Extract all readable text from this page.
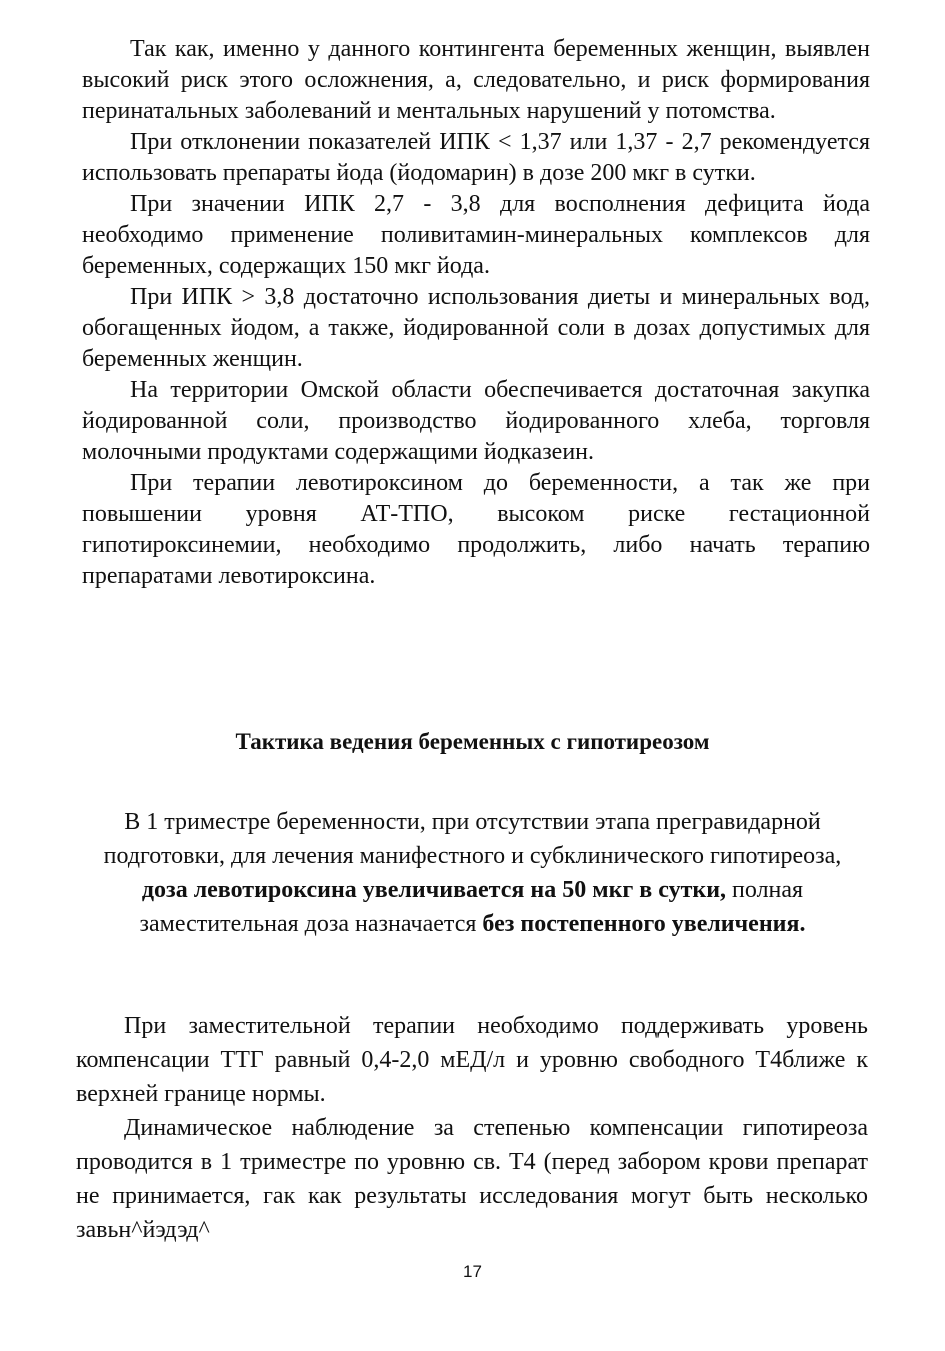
Так как, именно у данного контингента беременных женщин, выявлен высокий риск этого осложнения, а, следовательно, и риск формирования перинатальных заболеваний и ментальных нарушений у потомства.

При отклонении показателей ИПК < 1,37 или 1,37 - 2,7 рекомендуется использовать препараты йода (йодомарин) в дозе 200 мкг в сутки.

При значении ИПК 2,7 - 3,8 для восполнения дефицита йода необходимо применение поливитамин-минеральных комплексов для беременных, содержащих 150 мкг йода.

При ИПК > 3,8 достаточно использования диеты и минеральных вод, обогащенных йодом, а также, йодированной соли в дозах допустимых для беременных женщин.

На территории Омской области обеспечивается достаточная закупка йодированной соли, производство йодированного хлеба, торговля молочными продуктами содержащими йодказеин.

При терапии левотироксином до беременности, а так же при повышении уровня АТ-ТПО, высоком риске гестационной гипотироксинемии, необходимо продолжить, либо начать терапию препаратами левотироксина.

Тактика ведения беременных с гипотиреозом
В 1 триместре беременности, при отсутствии этапа прегравидарной подготовки, для лечения манифестного и субклинического гипотиреоза, доза левотироксина увеличивается на 50 мкг в сутки, полная заместительная доза назначается без постепенного увеличения.

При заместительной терапии необходимо поддерживать уровень компенсации ТТГ равный 0,4-2,0 мЕД/л и уровню свободного Т4ближе к верхней границе нормы.

Динамическое наблюдение за степенью компенсации гипотиреоза проводится в 1 триместре по уровню св. Т4 (перед забором крови препарат не принимается, гак как результаты исследования могут быть несколько завьн^йэдэд^

17
